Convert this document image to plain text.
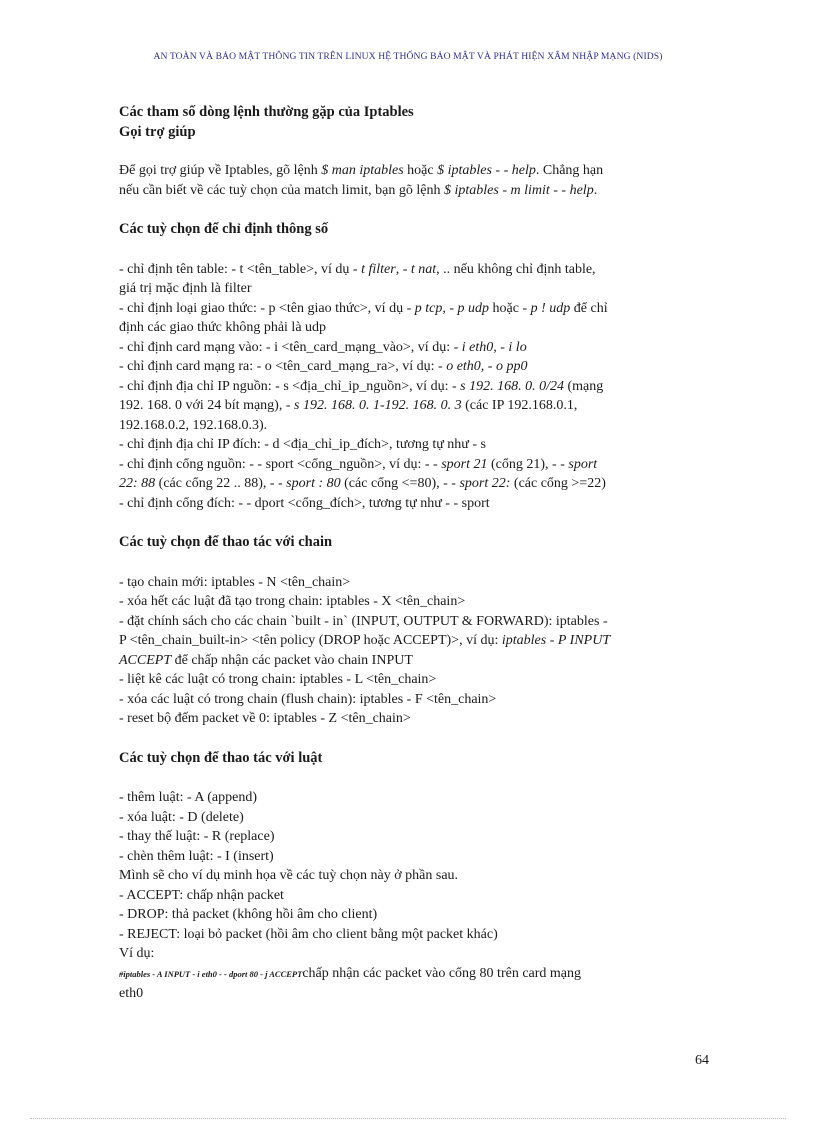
AN TOÀN VÀ BẢO MẬT THÔNG TIN TRÊN LINUX HỆ THỐNG BẢO MẬT VÀ PHÁT HIỆN XÂM NHẬP MẠNG (NIDS)

Các tham số dòng lệnh thường gặp của Iptables

Gọi trợ giúp

Để gọi trợ giúp về Iptables, gõ lệnh $ man iptables hoặc $ iptables - - help. Chẳng hạn

nếu cần biết về các tuỳ chọn của match limit, bạn gõ lệnh $ iptables - m limit - - help.

Các tuỳ chọn để chỉ định thông số

- chỉ định tên table: - t <tên_table>, ví dụ - t filter, - t nat, .. nếu không chỉ định table,

giá trị mặc định là filter

- chỉ định loại giao thức: - p <tên giao thức>, ví dụ - p tcp, - p udp hoặc - p ! udp để chỉ

định các giao thức không phải là udp

- chỉ định card mạng vào: - i <tên_card_mạng_vào>, ví dụ: - i eth0, - i lo

- chỉ định card mạng ra: - o <tên_card_mạng_ra>, ví dụ: - o eth0, - o pp0

- chỉ định địa chỉ IP nguồn: - s <địa_chỉ_ip_nguồn>, ví dụ: - s 192. 168. 0. 0/24 (mạng

192. 168. 0 với 24 bít mạng), - s 192. 168. 0. 1-192. 168. 0. 3 (các IP 192.168.0.1,

192.168.0.2, 192.168.0.3).

- chỉ định địa chỉ IP đích: - d <địa_chỉ_ip_đích>, tương tự như - s

- chỉ định cổng nguồn: - - sport <cổng_nguồn>, ví dụ: - - sport 21 (cổng 21), - - sport

22: 88 (các cổng 22 .. 88), - - sport : 80 (các cổng <=80), - - sport 22: (các cổng >=22)

- chỉ định cổng đích: - - dport <cổng_đích>, tương tự như - - sport

Các tuỳ chọn để thao tác với chain

- tạo chain mới: iptables - N <tên_chain>

- xóa hết các luật đã tạo trong chain: iptables - X <tên_chain>

- đặt chính sách cho các chain `built - in` (INPUT, OUTPUT & FORWARD): iptables -

P <tên_chain_built-in> <tên policy (DROP hoặc ACCEPT)>, ví dụ: iptables - P INPUT

ACCEPT để chấp nhận các packet vào chain INPUT

- liệt kê các luật có trong chain: iptables - L <tên_chain>

- xóa các luật có trong chain (flush chain): iptables - F <tên_chain>

- reset bộ đếm packet về 0: iptables - Z <tên_chain>

Các tuỳ chọn để thao tác với luật

- thêm luật: - A (append)

- xóa luật: - D (delete)

- thay thế luật: - R (replace)

- chèn thêm luật: - I (insert)

Mình sẽ cho ví dụ minh họa về các tuỳ chọn này ở phần sau.

- ACCEPT: chấp nhận packet

- DROP: thả packet (không hồi âm cho client)

- REJECT: loại bỏ packet (hồi âm cho client bằng một packet khác)

Ví dụ:

#iptables - A INPUT - i eth0 - - dport 80 - j ACCEPTchấp nhận các packet vào cổng 80 trên card mạng

eth0

64
